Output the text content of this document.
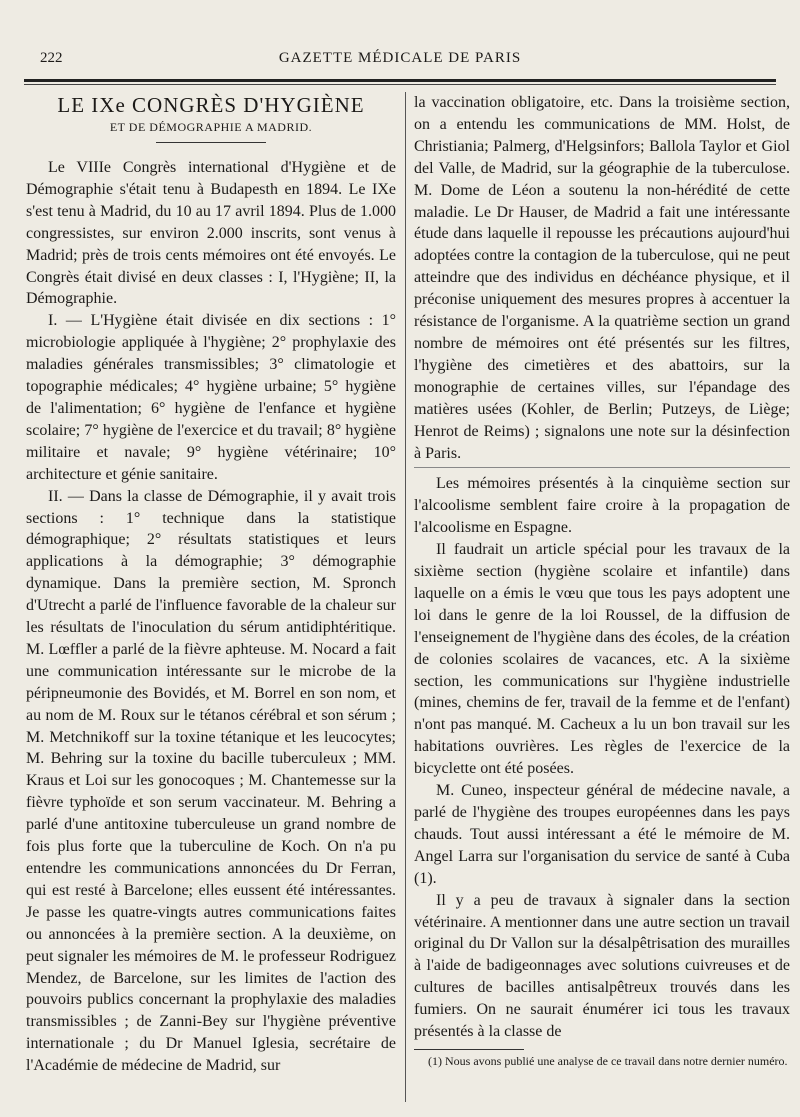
222	GAZETTE MÉDICALE DE PARIS
LE IXe CONGRÈS D'HYGIÈNE
ET DE DÉMOGRAPHIE A MADRID.

Le VIIIe Congrès international d'Hygiène et de Démographie s'était tenu à Budapesth en 1894. Le IXe s'est tenu à Madrid, du 10 au 17 avril 1894. Plus de 1.000 congressistes, sur environ 2.000 inscrits, sont venus à Madrid; près de trois cents mémoires ont été envoyés. Le Congrès était divisé en deux classes : I, l'Hygiène; II, la Démographie.

I. — L'Hygiène était divisée en dix sections : 1° microbiologie appliquée à l'hygiène; 2° prophylaxie des maladies générales transmissibles; 3° climatologie et topographie médicales; 4° hygiène urbaine; 5° hygiène de l'alimentation; 6° hygiène de l'enfance et hygiène scolaire; 7° hygiène de l'exercice et du travail; 8° hygiène militaire et navale; 9° hygiène vétérinaire; 10° architecture et génie sanitaire.

II. — Dans la classe de Démographie, il y avait trois sections : 1° technique dans la statistique démographique; 2° résultats statistiques et leurs applications à la démographie; 3° démographie dynamique. Dans la première section, M. Spronch d'Utrecht a parlé de l'influence favorable de la chaleur sur les résultats de l'inoculation du sérum antidiphtéritique. M. Lœffler a parlé de la fièvre aphteuse. M. Nocard a fait une communication intéressante sur le microbe de la péripneumonie des Bovidés, et M. Borrel en son nom, et au nom de M. Roux sur le tétanos cérébral et son sérum ; M. Metchnikoff sur la toxine tétanique et les leucocytes; M. Behring sur la toxine du bacille tuberculeux ; MM. Kraus et Loi sur les gonocoques ; M. Chantemesse sur la fièvre typhoïde et son serum vaccinateur. M. Behring a parlé d'une antitoxine tuberculeuse un grand nombre de fois plus forte que la tuberculine de Koch. On n'a pu entendre les communications annoncées du Dr Ferran, qui est resté à Barcelone; elles eussent été intéressantes. Je passe les quatre-vingts autres communications faites ou annoncées à la première section. A la deuxième, on peut signaler les mémoires de M. le professeur Rodriguez Mendez, de Barcelone, sur les limites de l'action des pouvoirs publics concernant la prophylaxie des maladies transmissibles ; de Zanni-Bey sur l'hygiène préventive internationale ; du Dr Manuel Iglesia, secrétaire de l'Académie de médecine de Madrid, sur

la vaccination obligatoire, etc. Dans la troisième section, on a entendu les communications de MM. Holst, de Christiania; Palmerg, d'Helgsinfors; Ballola Taylor et Giol del Valle, de Madrid, sur la géographie de la tuberculose. M. Dome de Léon a soutenu la non-hérédité de cette maladie. Le Dr Hauser, de Madrid a fait une intéressante étude dans laquelle il repousse les précautions aujourd'hui adoptées contre la contagion de la tuberculose, qui ne peut atteindre que des individus en déchéance physique, et il préconise uniquement des mesures propres à accentuer la résistance de l'organisme. A la quatrième section un grand nombre de mémoires ont été présentés sur les filtres, l'hygiène des cimetières et des abattoirs, sur la monographie de certaines villes, sur l'épandage des matières usées (Kohler, de Berlin; Putzeys, de Liège; Henrot de Reims) ; signalons une note sur la désinfection à Paris.

Les mémoires présentés à la cinquième section sur l'alcoolisme semblent faire croire à la propagation de l'alcoolisme en Espagne.

Il faudrait un article spécial pour les travaux de la sixième section (hygiène scolaire et infantile) dans laquelle on a émis le vœu que tous les pays adoptent une loi dans le genre de la loi Roussel, de la diffusion de l'enseignement de l'hygiène dans des écoles, de la création de colonies scolaires de vacances, etc. A la sixième section, les communications sur l'hygiène industrielle (mines, chemins de fer, travail de la femme et de l'enfant) n'ont pas manqué. M. Cacheux a lu un bon travail sur les habitations ouvrières. Les règles de l'exercice de la bicyclette ont été posées.

M. Cuneo, inspecteur général de médecine navale, a parlé de l'hygiène des troupes européennes dans les pays chauds. Tout aussi intéressant a été le mémoire de M. Angel Larra sur l'organisation du service de santé à Cuba (1).

Il y a peu de travaux à signaler dans la section vétérinaire. A mentionner dans une autre section un travail original du Dr Vallon sur la désalpêtrisation des murailles à l'aide de badigeonnages avec solutions cuivreuses et de cultures de bacilles antisalpêtreux trouvés dans les fumiers. On ne saurait énumérer ici tous les travaux présentés à la classe de

(1) Nous avons publié une analyse de ce travail dans notre dernier numéro.
